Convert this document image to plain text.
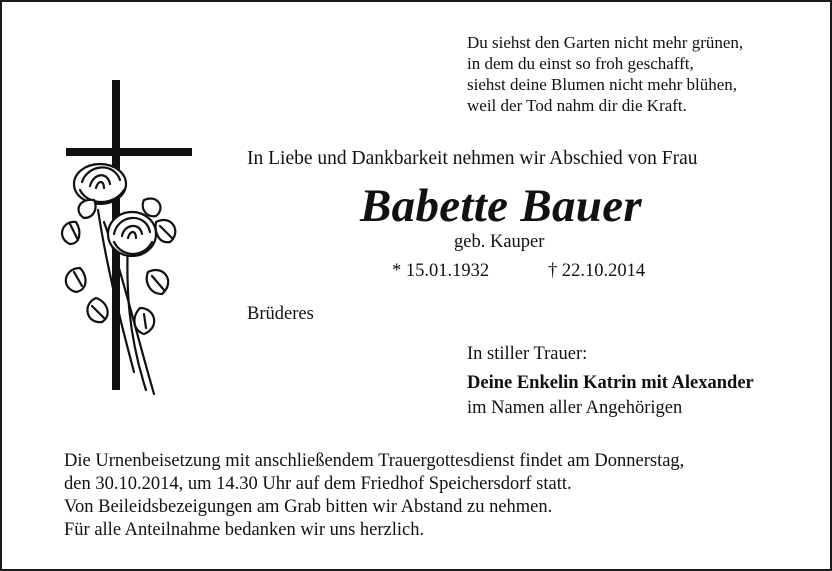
Du siehst den Garten nicht mehr grünen,
in dem du einst so froh geschafft,
siehst deine Blumen nicht mehr blühen,
weil der Tod nahm dir die Kraft.
In Liebe und Dankbarkeit nehmen wir Abschied von Frau
Babette Bauer
geb. Kauper
* 15.01.1932	† 22.10.2014
Brüderes
In stiller Trauer:
Deine Enkelin Katrin mit Alexander
im Namen aller Angehörigen
Die Urnenbeisetzung mit anschließendem Trauergottesdienst findet am Donnerstag,
den 30.10.2014, um 14.30 Uhr auf dem Friedhof Speichersdorf statt.
Von Beileidsbezeigungen am Grab bitten wir Abstand zu nehmen.
Für alle Anteilnahme bedanken wir uns herzlich.
